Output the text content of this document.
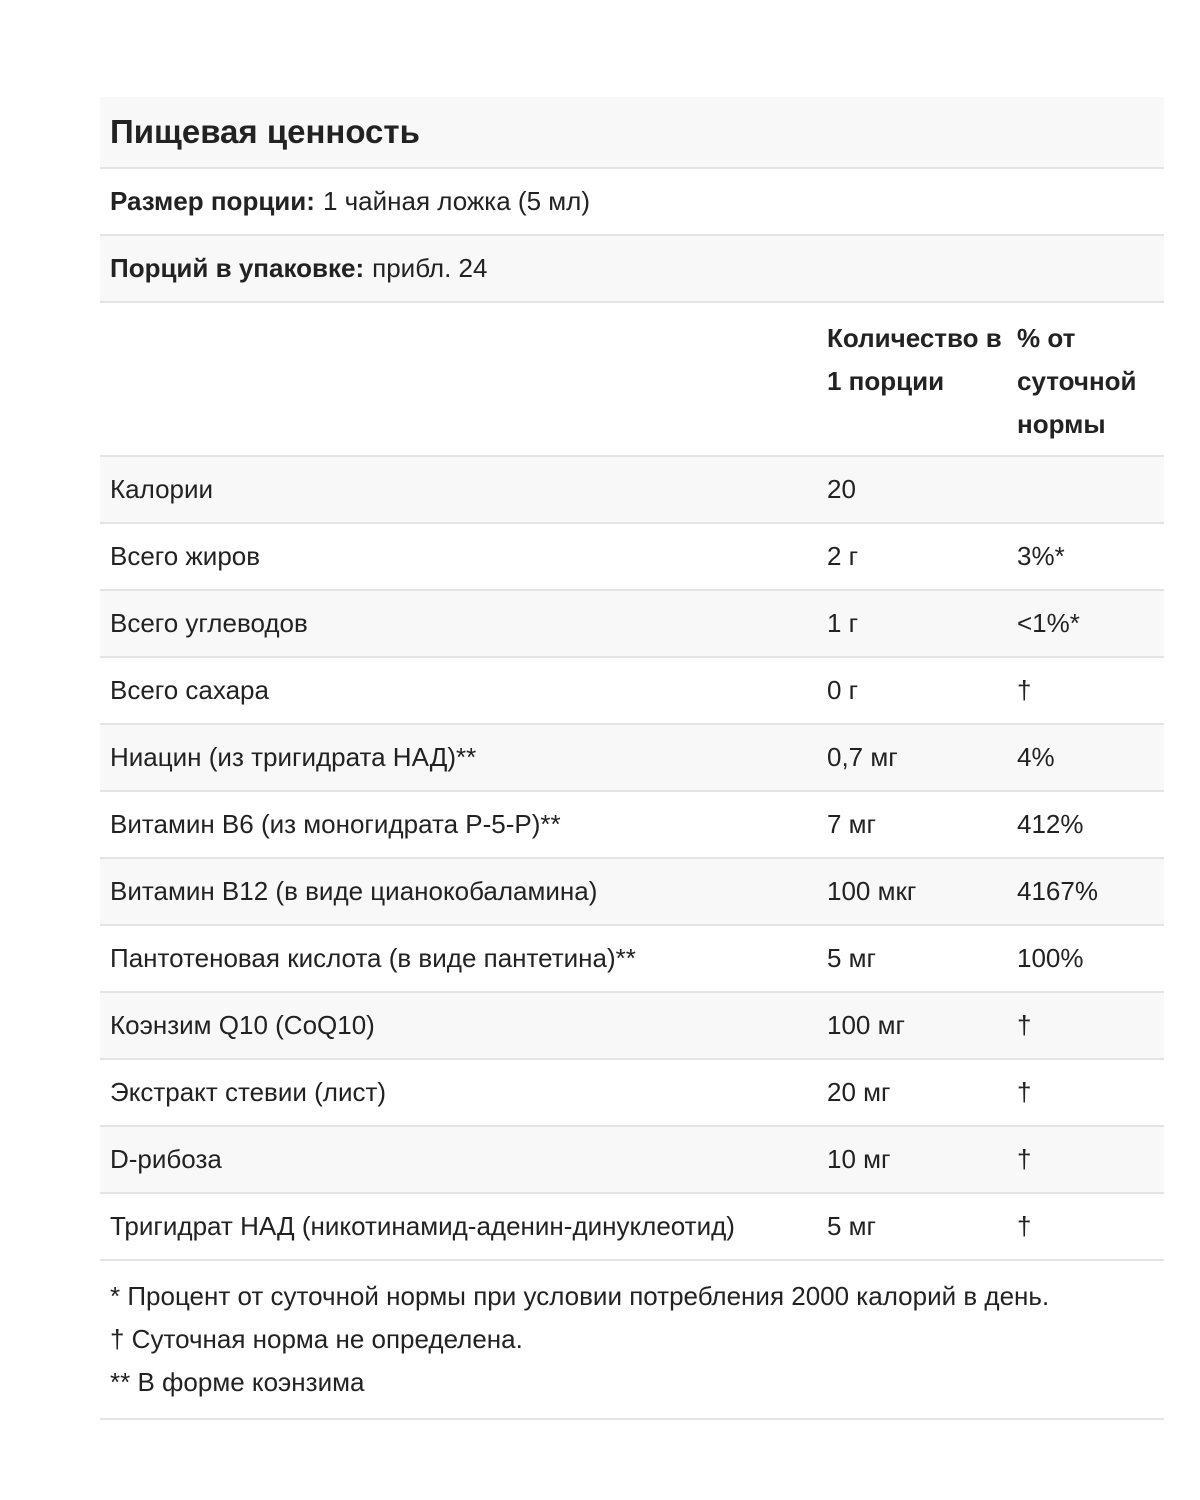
Пищевая ценность
Размер порции: 1 чайная ложка (5 мл)
Порций в упаковке: прибл. 24
Количество в 1 порции
% от суточной нормы
Калории	20
Всего жиров	2 г	3%*
Всего углеводов	1 г	<1%*
Всего сахара	0 г	†
Ниацин (из тригидрата НАД)**	0,7 мг	4%
Витамин B6 (из моногидрата P-5-P)**	7 мг	412%
Витамин B12 (в виде цианокобаламина)	100 мкг	4167%
Пантотеновая кислота (в виде пантетина)**	5 мг	100%
Коэнзим Q10 (CoQ10)	100 мг	†
Экстракт стевии (лист)	20 мг	†
D-рибоза	10 мг	†
Тригидрат НАД (никотинамид-аденин-динуклеотид)	5 мг	†
* Процент от суточной нормы при условии потребления 2000 калорий в день.
† Суточная норма не определена.
** В форме коэнзима
